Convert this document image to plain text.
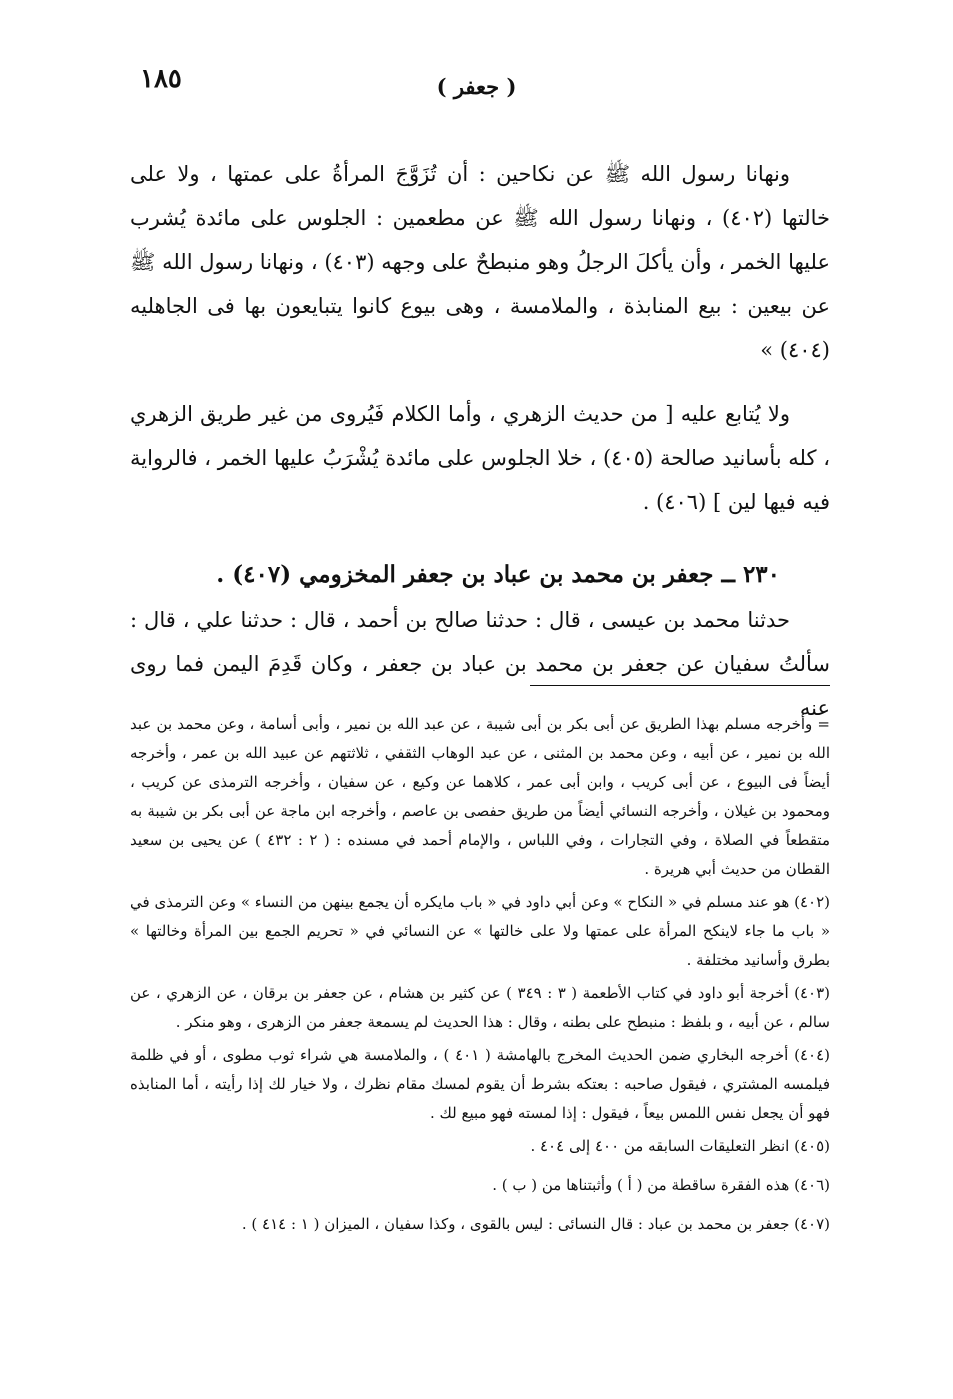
١٨٥	( جعفر )

ونهانا رسول الله ﷺ عن نكاحين : أن تُزَوَّجَ المرأةُ على عمتها ، ولا على خالتها (٤٠٢) ، ونهانا رسول الله ﷺ عن مطعمين : الجلوس على مائدة يُشرب عليها الخمر ، وأن يأكلَ الرجلُ وهو منبطحٌ على وجهه (٤٠٣) ، ونهانا رسول الله ﷺ عن بيعين : بيع المنابذة ، والملامسة ، وهى بيوع كانوا يتبايعون بها فى الجاهليه (٤٠٤) »

ولا يُتابع عليه [ من حديث الزهري ، وأما الكلام فَيُروى من غير طريق الزهري ، كله بأسانيد صالحة (٤٠٥) ، خلا الجلوس على مائدة يُشْرَبُ عليها الخمر ، فالرواية فيه فيها لين ] (٤٠٦) .

٢٣٠ ــ جعفر بن محمد بن عباد بن جعفر المخزومي (٤٠٧) .

حدثنا محمد بن عيسى ، قال : حدثنا صالح بن أحمد ، قال : حدثنا علي ، قال : سألتُ سفيان عن جعفر بن محمد بن عباد بن جعفر ، وكان قَدِمَ اليمن فما روى عنه

= وأخرجه مسلم بهذا الطريق عن أبى بكر بن أبى شيبة ، عن عبد الله بن نمير ، وأبى أسامة ، وعن محمد بن عبد الله بن نمير ، عن أبيه ، وعن محمد بن المثنى ، عن عبد الوهاب الثقفي ، ثلاثتهم عن عبيد الله بن عمر ، وأخرجه أيضاً فى البيوع ، عن أبى كريب ، وابن أبى عمر ، كلاهما عن وكيع ، عن سفيان ، وأخرجه الترمذى عن كريب ، ومحمود بن غيلان ، وأخرجه النسائي أيضاً من طريق حفصى بن عاصم ، وأخرجه ابن ماجة عن أبى بكر بن شيبة به متقطعاً في الصلاة ، وفي التجارات ، وفي اللباس ، والإمام أحمد في مسنده : ( ٢ : ٤٣٢ ) عن يحيى بن سعيد القطان من حديث أبي هريرة .

(٤٠٢) هو عند مسلم في « النكاح » وعن أبي داود في « باب مايكره أن يجمع بينهن من النساء » وعن الترمذى في « باب ما جاء لاينكح المرأة على عمتها ولا على خالتها » عن النسائي في « تحريم الجمع بين المرأة وخالتها » بطرق وأسانيد مختلفة .

(٤٠٣) أخرجة أبو داود في كتاب الأطعمة ( ٣ : ٣٤٩ ) عن كثير بن هشام ، عن جعفر بن برقان ، عن الزهري ، عن سالم ، عن أبيه ، و بلفظ : منبطح على بطنه ، وقال : هذا الحديث لم يسمعة جعفر من الزهرى ، وهو منكر .

(٤٠٤) أخرجه البخاري ضمن الحديث المخرج بالهامشة ( ٤٠١ ) ، والملامسة هي شراء ثوب مطوى ، أو في ظلمة فيلمسه المشتري ، فيقول صاحبه : بعتكه بشرط أن يقوم لمسك مقام نظرك ، ولا خيار لك إذا رأيته ، أما المنابذه فهو أن يجعل نفس اللمس بيعاً ، فيقول : إذا لمسته فهو مبيع لك .

(٤٠٥) انظر التعليقات السابقه من ٤٠٠ إلى ٤٠٤ .

(٤٠٦) هذه الفقرة ساقطة من ( أ ) وأثبتناها من ( ب ) .

(٤٠٧) جعفر بن محمد بن عباد : قال النسائى : ليس بالقوى ، وكذا سفيان ، الميزان ( ١ : ٤١٤ ) .
